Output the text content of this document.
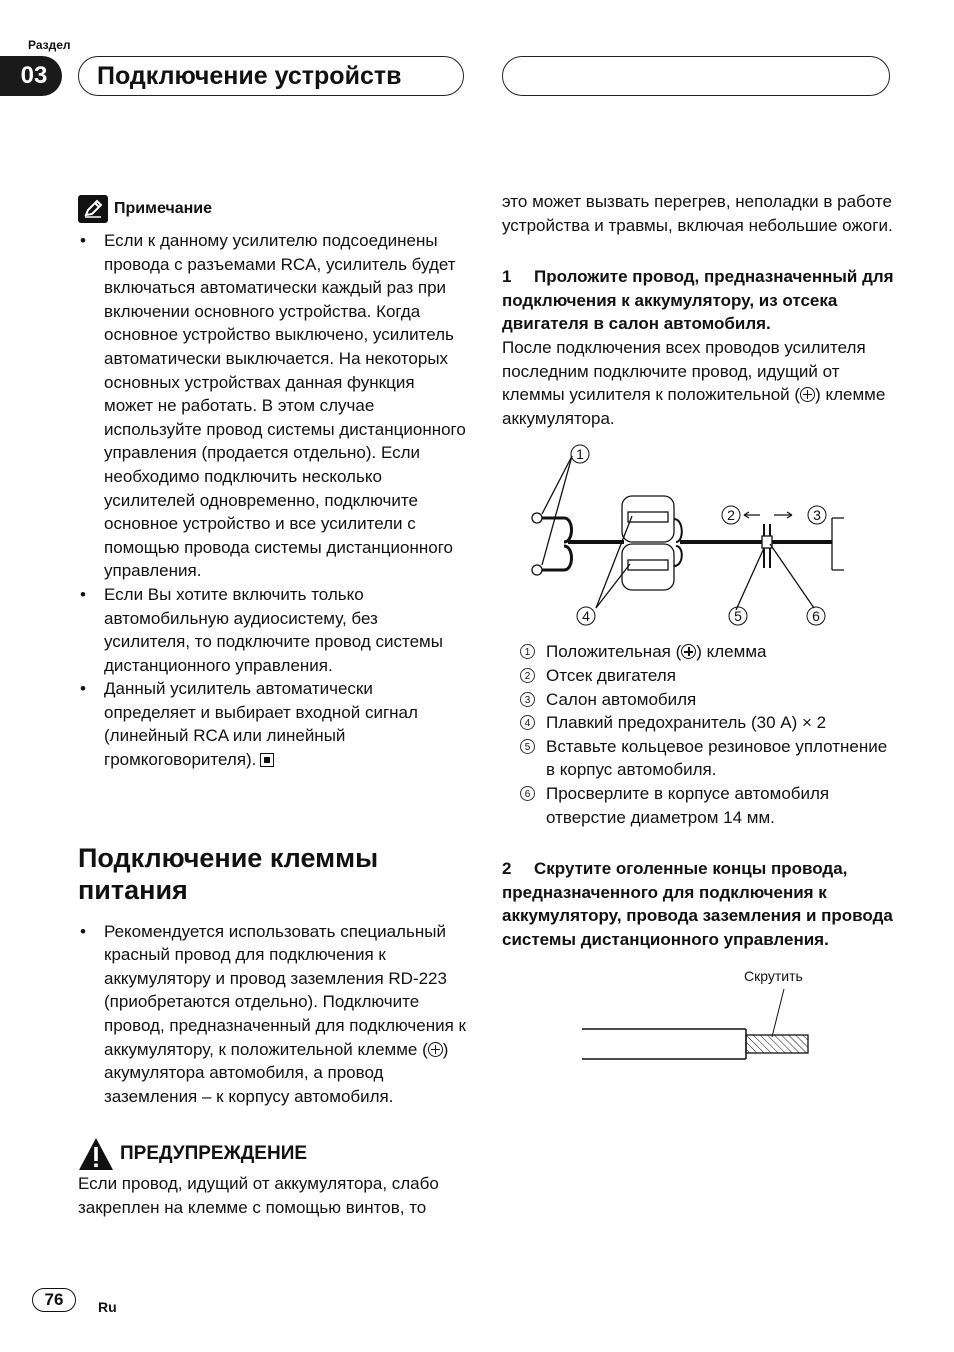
Раздел
03	Подключение устройств
Примечание
• Если к данному усилителю подсоединены провода с разъемами RCA, усилитель будет включаться автоматически каждый раз при включении основного устройства. Когда основное устройство выключено, усилитель автоматически выключается. На некоторых основных устройствах данная функция может не работать. В этом случае используйте провод системы дистанционного управления (продается отдельно). Если необходимо подключить несколько усилителей одновременно, подключите основное устройство и все усилители с помощью провода системы дистанционного управления.
• Если Вы хотите включить только автомобильную аудиосистему, без усилителя, то подключите провод системы дистанционного управления.
• Данный усилитель автоматически определяет и выбирает входной сигнал (линейный RCA или линейный громкоговорителя).
Подключение клеммы питания
• Рекомендуется использовать специальный красный провод для подключения к аккумулятору и провод заземления RD-223 (приобретаются отдельно). Подключите провод, предназначенный для подключения к аккумулятору, к положительной клемме ( ) акумулятора автомобиля, а провод заземления – к корпусу автомобиля.
ПРЕДУПРЕЖДЕНИЕ
Если провод, идущий от аккумулятора, слабо закреплен на клемме с помощью винтов, то
это может вызвать перегрев, неполадки в работе устройства и травмы, включая небольшие ожоги.
1 Проложите провод, предназначенный для подключения к аккумулятору, из отсека двигателя в салон автомобиля.
После подключения всех проводов усилителя последним подключите провод, идущий от клеммы усилителя к положительной ( ) клемме аккумулятора.
1
2	3
4	5	6
1 Положительная ( ) клемма
2 Отсек двигателя
3 Салон автомобиля
4 Плавкий предохранитель (30 А) × 2
5 Вставьте кольцевое резиновое уплотнение в корпус автомобиля.
6 Просверлите в корпусе автомобиля отверстие диаметром 14 мм.
2 Скрутите оголенные концы провода, предназначенного для подключения к аккумулятору, провода заземления и провода системы дистанционного управления.
Скрутить
76	Ru
